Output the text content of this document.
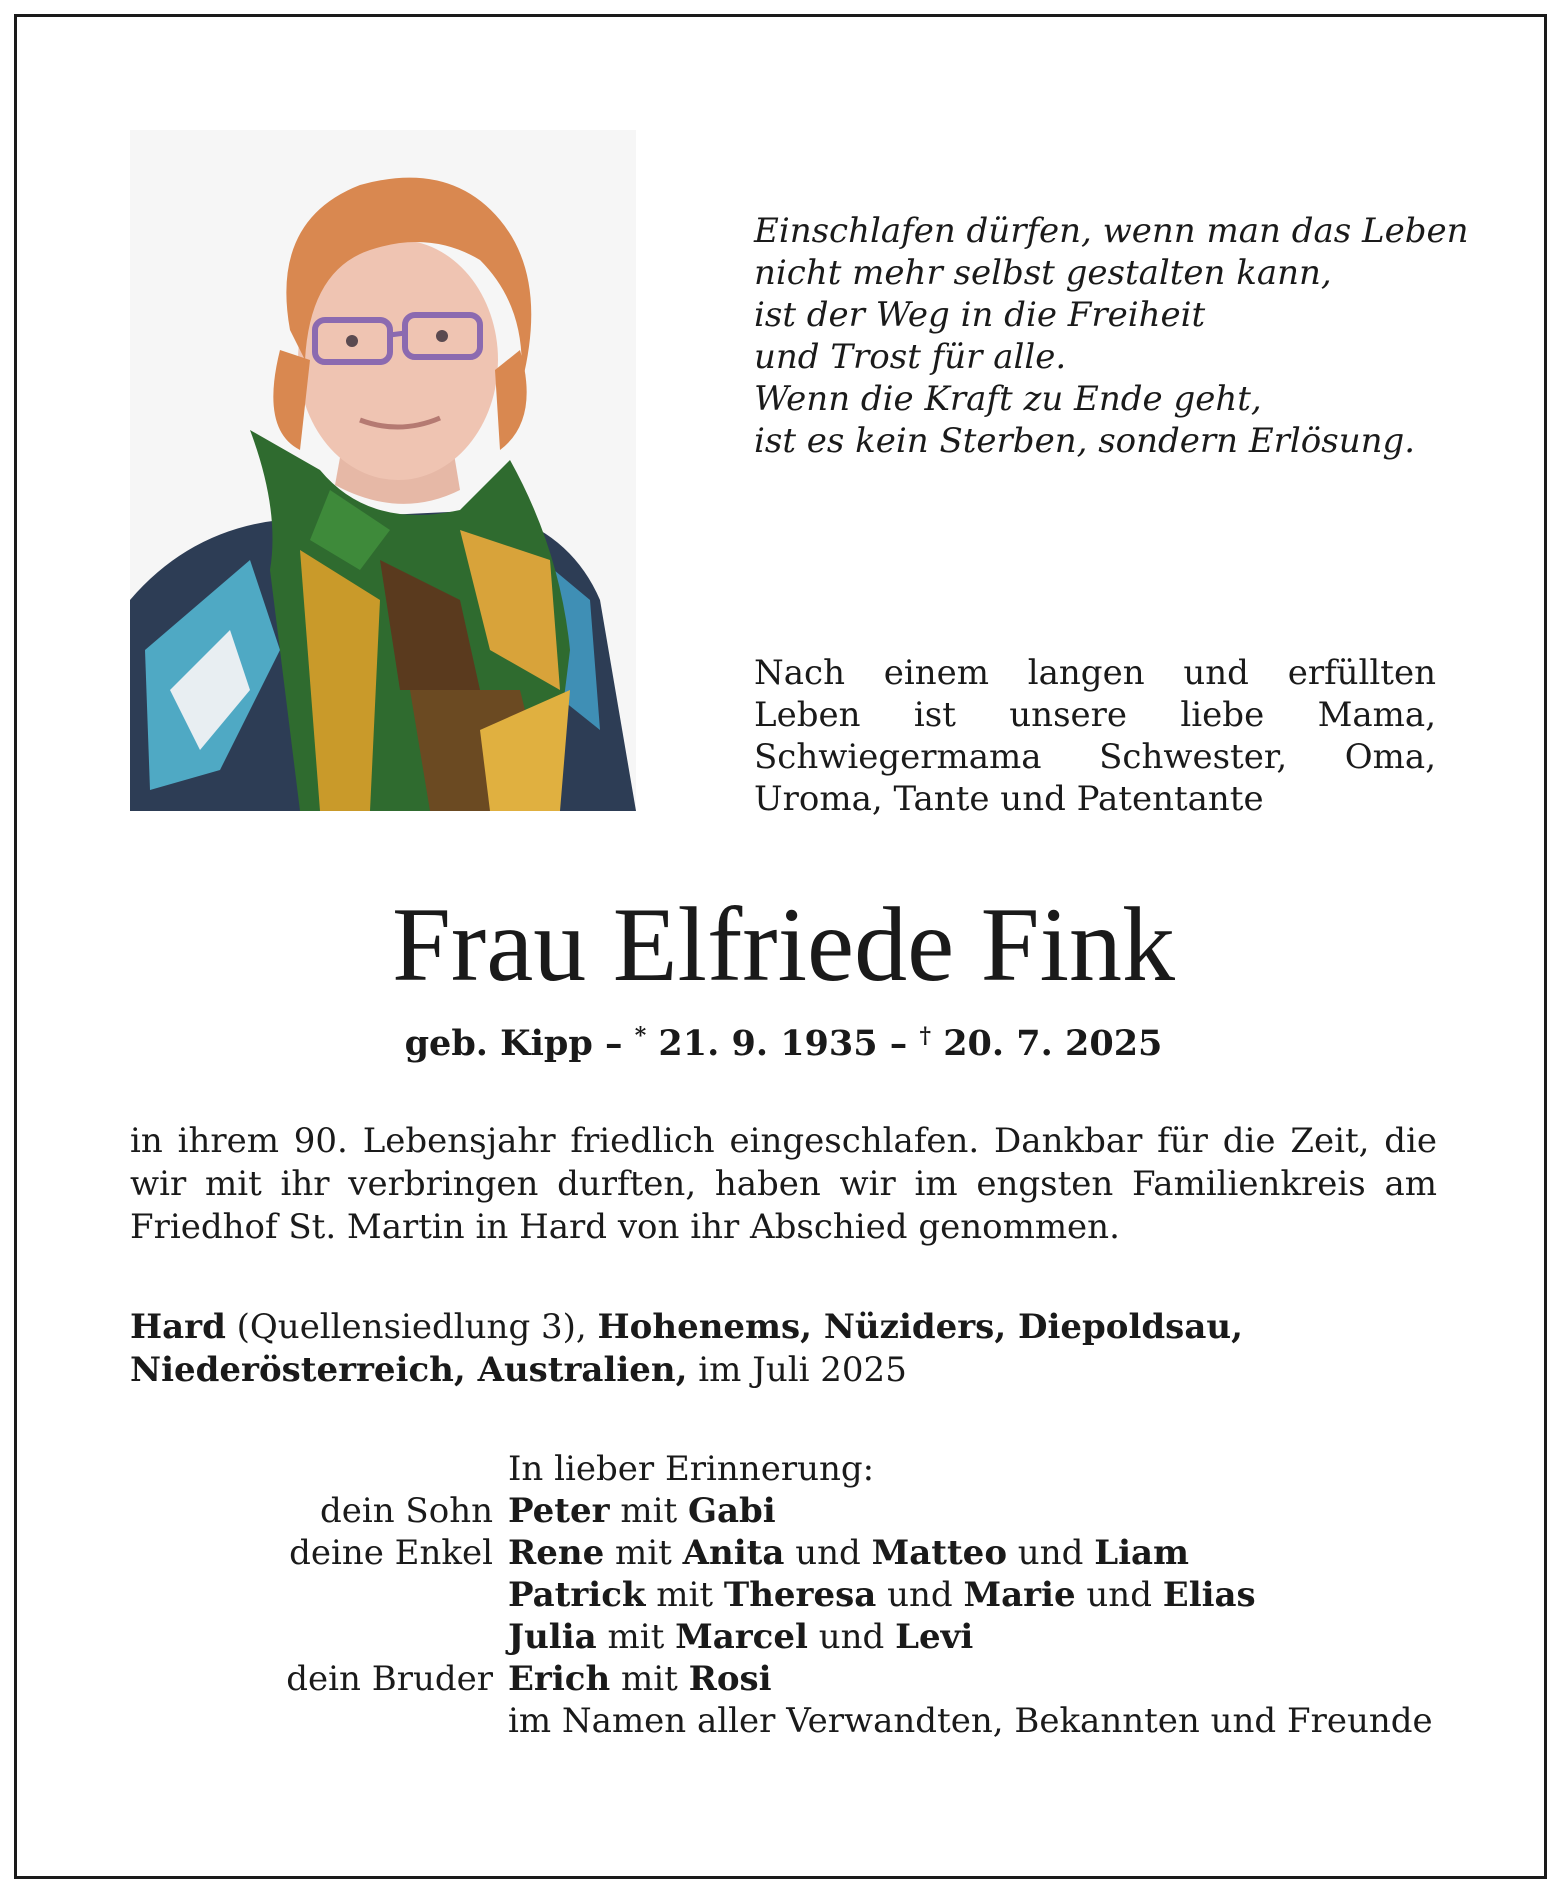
Einschlafen dürfen, wenn man das Leben
nicht mehr selbst gestalten kann,
ist der Weg in die Freiheit
und Trost für alle.
Wenn die Kraft zu Ende geht,
ist es kein Sterben, sondern Erlösung.
Nach einem langen und erfüllten Leben ist unsere liebe Mama, Schwiegermama Schwester, Oma, Uroma, Tante und Patentante
Frau Elfriede Fink
geb. Kipp – * 21. 9. 1935 – † 20. 7. 2025
in ihrem 90. Lebensjahr friedlich eingeschlafen. Dankbar für die Zeit, die wir mit ihr verbringen durften, haben wir im engsten Familienkreis am Friedhof St. Martin in Hard von ihr Abschied genommen.
Hard (Quellensiedlung 3), Hohenems, Nüziders, Diepoldsau,
Niederösterreich, Australien, im Juli 2025
In lieber Erinnerung:
dein Sohn Peter mit Gabi
deine Enkel Rene mit Anita und Matteo und Liam
Patrick mit Theresa und Marie und Elias
Julia mit Marcel und Levi
dein Bruder Erich mit Rosi
im Namen aller Verwandten, Bekannten und Freunde
